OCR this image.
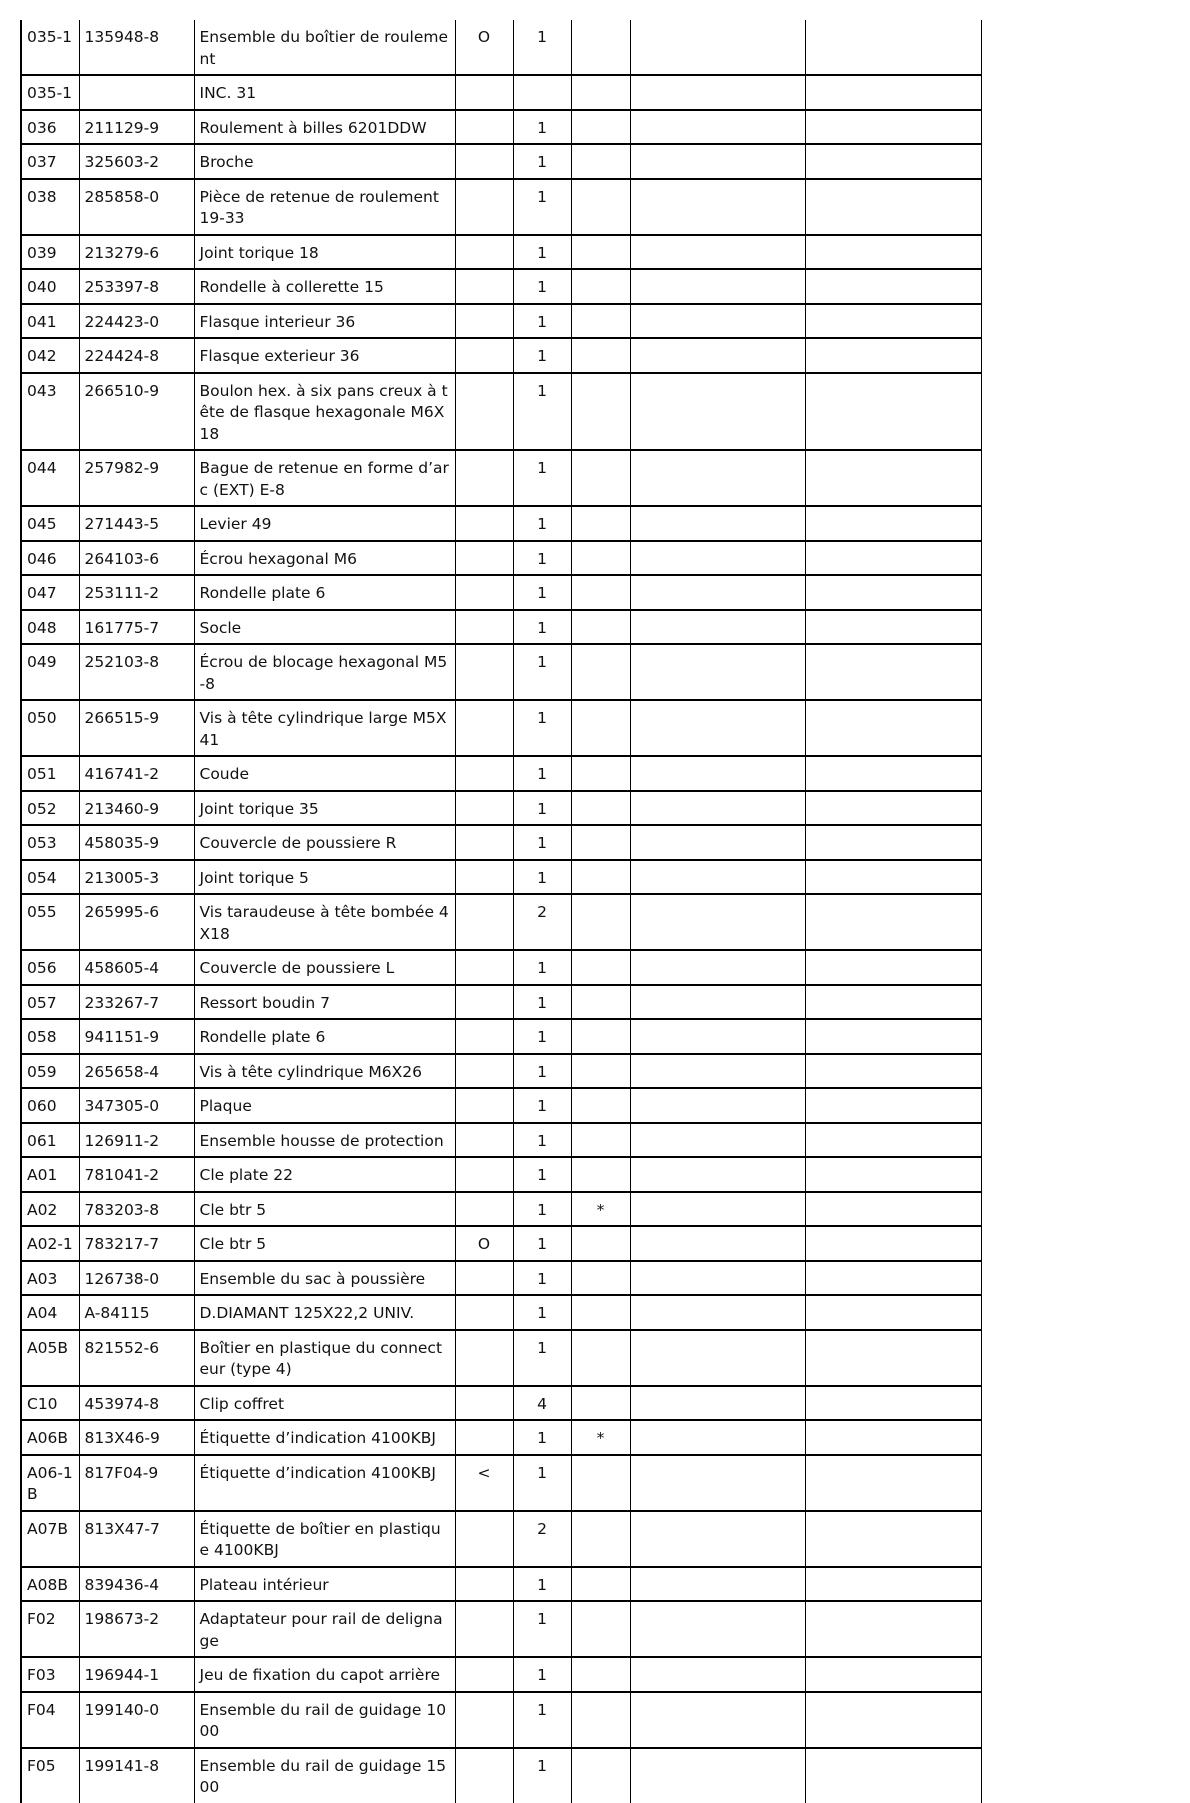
035-1	135948-8	Ensemble du boîtier de roulement	O	1			
035-1		INC. 31					
036	211129-9	Roulement à billes 6201DDW		1			
037	325603-2	Broche		1			
038	285858-0	Pièce de retenue de roulement 19-33		1			
039	213279-6	Joint torique 18		1			
040	253397-8	Rondelle à collerette 15		1			
041	224423-0	Flasque interieur 36		1			
042	224424-8	Flasque exterieur 36		1			
043	266510-9	Boulon hex. à six pans creux à tête de flasque hexagonale M6X18		1			
044	257982-9	Bague de retenue en forme d’arc (EXT) E-8		1			
045	271443-5	Levier 49		1			
046	264103-6	Écrou hexagonal M6		1			
047	253111-2	Rondelle plate 6		1			
048	161775-7	Socle		1			
049	252103-8	Écrou de blocage hexagonal M5-8		1			
050	266515-9	Vis à tête cylindrique large M5X41		1			
051	416741-2	Coude		1			
052	213460-9	Joint torique 35		1			
053	458035-9	Couvercle de poussiere R		1			
054	213005-3	Joint torique 5		1			
055	265995-6	Vis taraudeuse à tête bombée 4X18		2			
056	458605-4	Couvercle de poussiere L		1			
057	233267-7	Ressort boudin 7		1			
058	941151-9	Rondelle plate 6		1			
059	265658-4	Vis à tête cylindrique M6X26		1			
060	347305-0	Plaque		1			
061	126911-2	Ensemble housse de protection		1			
A01	781041-2	Cle plate 22		1			
A02	783203-8	Cle btr 5		1	*		
A02-1	783217-7	Cle btr 5	O	1			
A03	126738-0	Ensemble du sac à poussière		1			
A04	A-84115	D.DIAMANT 125X22,2 UNIV.		1			
A05B	821552-6	Boîtier en plastique du connecteur (type 4)		1			
C10	453974-8	Clip coffret		4			
A06B	813X46-9	Étiquette d’indication 4100KBJ		1	*		
A06-1B	817F04-9	Étiquette d’indication 4100KBJ	<	1			
A07B	813X47-7	Étiquette de boîtier en plastique 4100KBJ		2			
A08B	839436-4	Plateau intérieur		1			
F02	198673-2	Adaptateur pour rail de delignage		1			
F03	196944-1	Jeu de fixation du capot arrière		1			
F04	199140-0	Ensemble du rail de guidage 1000		1			
F05	199141-8	Ensemble du rail de guidage 1500		1			
